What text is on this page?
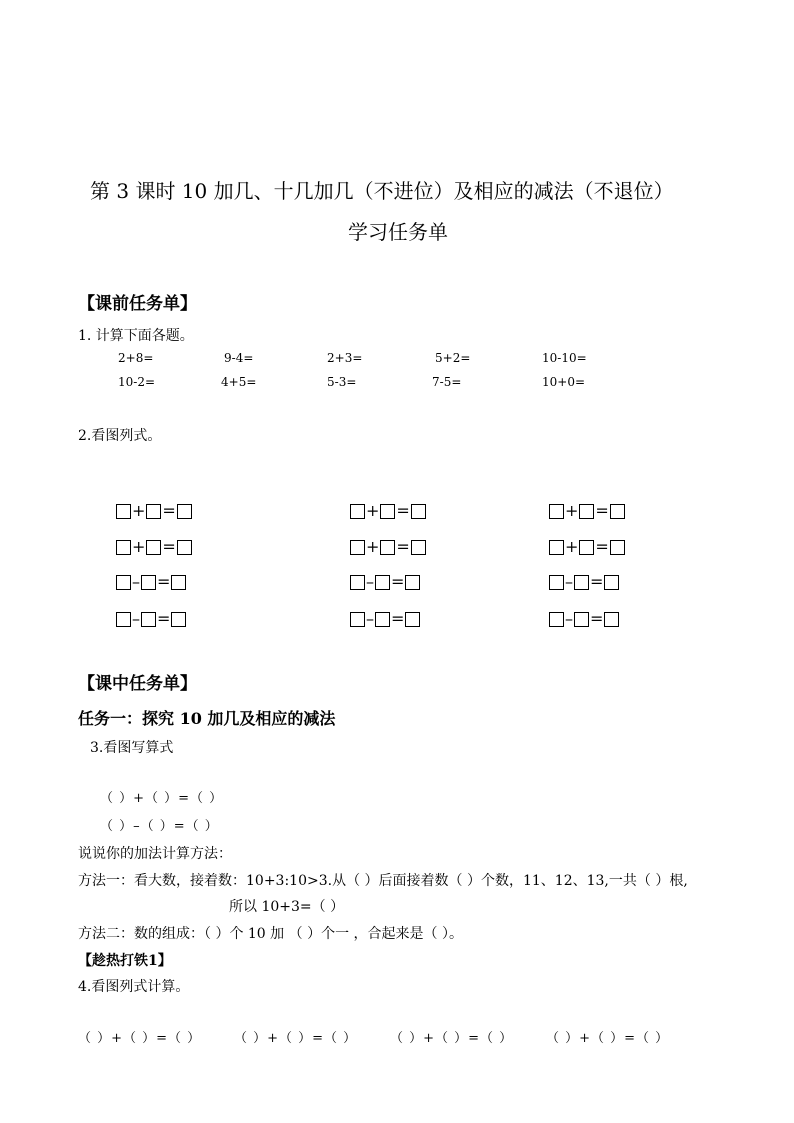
第 3 课时 10 加几、十几加几（不进位）及相应的减法（不退位）
学习任务单
【课前任务单】
1. 计算下面各题。
2+8=	9-4=	2+3=	5+2=	10-10=
10-2=	4+5=	5-3=	7-5=	10+0=
2.看图列式。
+ =	+ =	+ =
+ =	+ =	+ =
– =	– =	– =
– =	– =	– =
【课中任务单】
任务一：探究 10 加几及相应的减法
3.看图写算式
（ ）+（ ）=（ ）
（ ）–（ ）=（ ）
说说你的加法计算方法：
方法一：看大数，接着数：10+3:10>3.从（ ）后面接着数（ ）个数，11、12、13,一共（ ）根,
所以 10+3=（ ）
方法二：数的组成：（ ）个 10 加 （ ）个一 ，合起来是（ ）。
【趁热打铁1】
4.看图列式计算。
（ ）+（ ）=（ ）	（ ）+（ ）=（ ）	（ ）+（ ）=（ ）	（ ）+（ ）=（ ）
